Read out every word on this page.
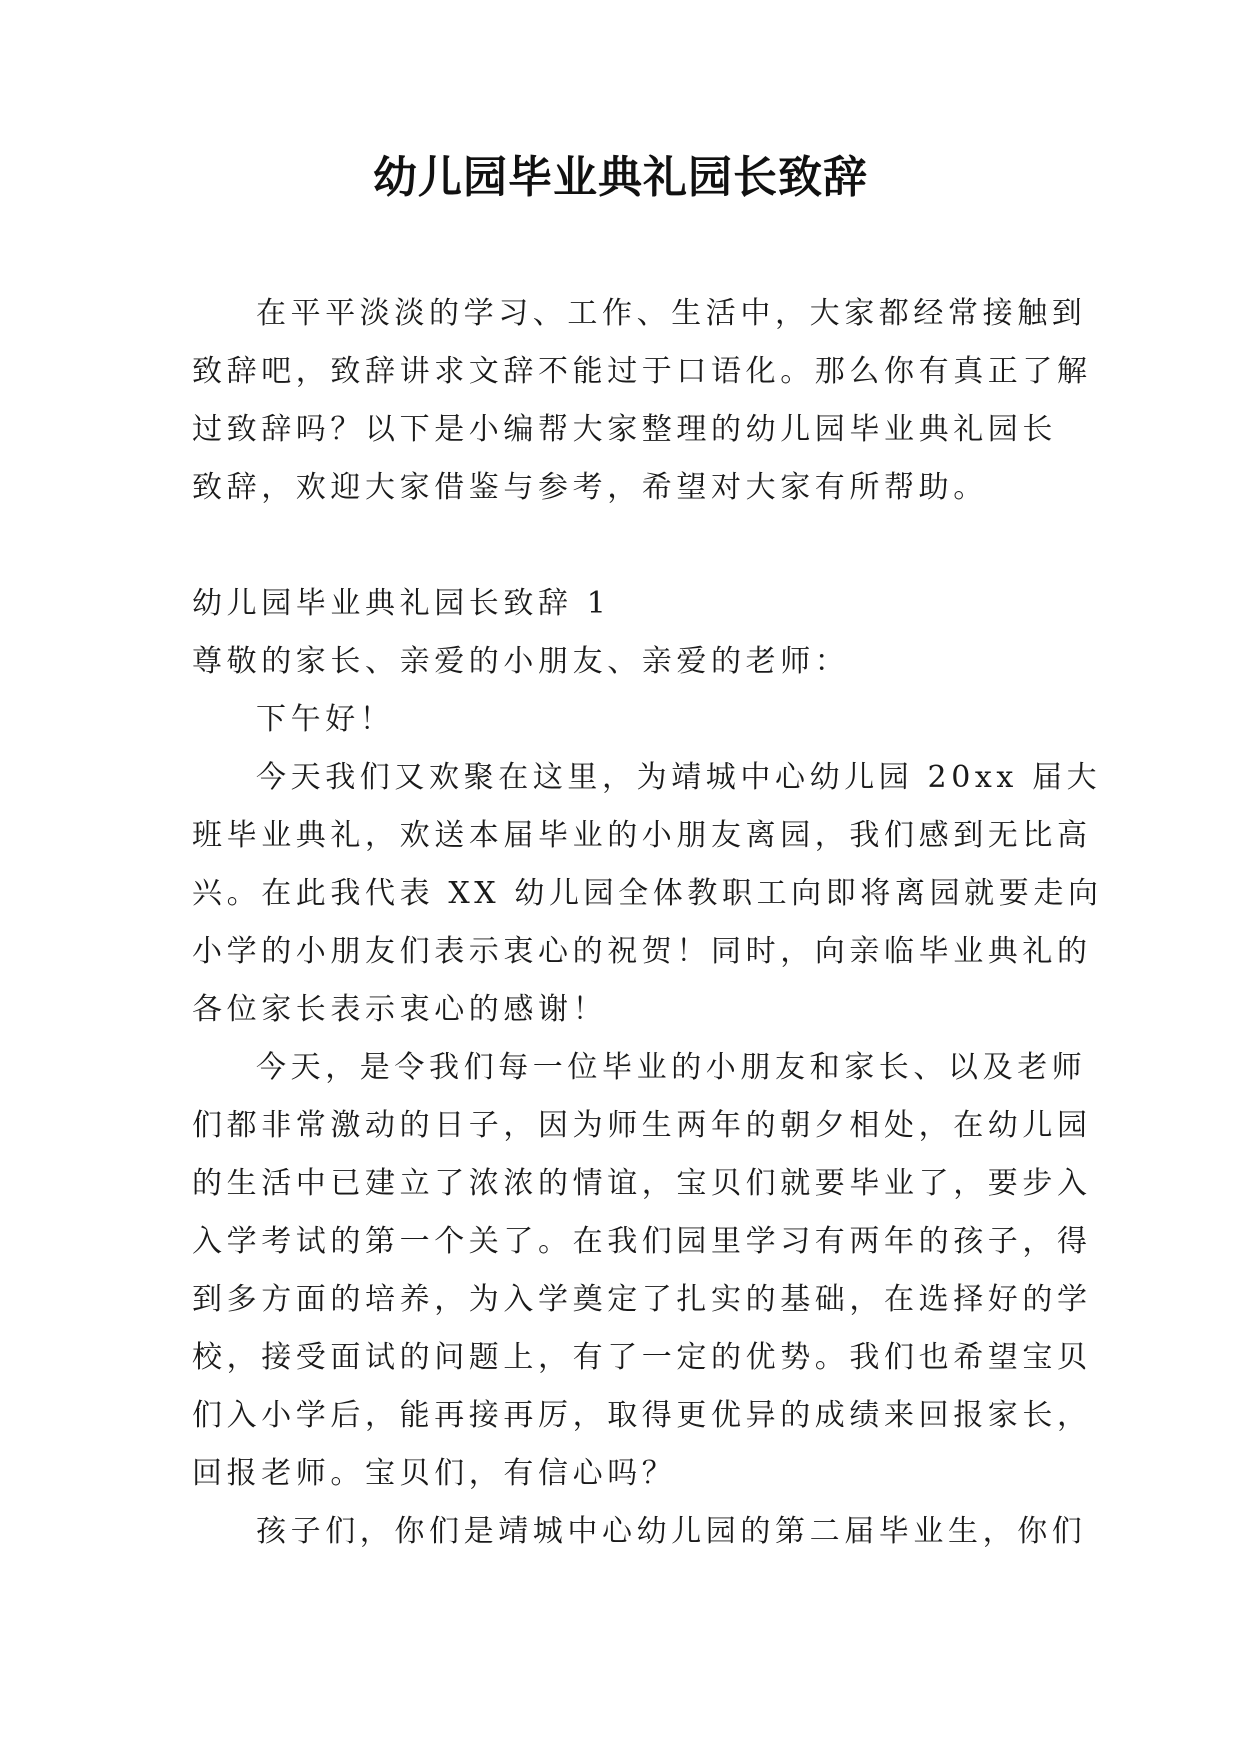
幼儿园毕业典礼园长致辞

在平平淡淡的学习、工作、生活中，大家都经常接触到

致辞吧，致辞讲求文辞不能过于口语化。那么你有真正了解

过致辞吗？以下是小编帮大家整理的幼儿园毕业典礼园长

致辞，欢迎大家借鉴与参考，希望对大家有所帮助。

幼儿园毕业典礼园长致辞 1

尊敬的家长、亲爱的小朋友、亲爱的老师：

下午好！

今天我们又欢聚在这里，为靖城中心幼儿园 20xx 届大

班毕业典礼，欢送本届毕业的小朋友离园，我们感到无比高

兴。在此我代表 XX 幼儿园全体教职工向即将离园就要走向

小学的小朋友们表示衷心的祝贺！同时，向亲临毕业典礼的

各位家长表示衷心的感谢！

今天，是令我们每一位毕业的小朋友和家长、以及老师

们都非常激动的日子，因为师生两年的朝夕相处，在幼儿园

的生活中已建立了浓浓的情谊，宝贝们就要毕业了，要步入

入学考试的第一个关了。在我们园里学习有两年的孩子，得

到多方面的培养，为入学奠定了扎实的基础，在选择好的学

校，接受面试的问题上，有了一定的优势。我们也希望宝贝

们入小学后，能再接再厉，取得更优异的成绩来回报家长，

回报老师。宝贝们，有信心吗？

孩子们，你们是靖城中心幼儿园的第二届毕业生，你们
